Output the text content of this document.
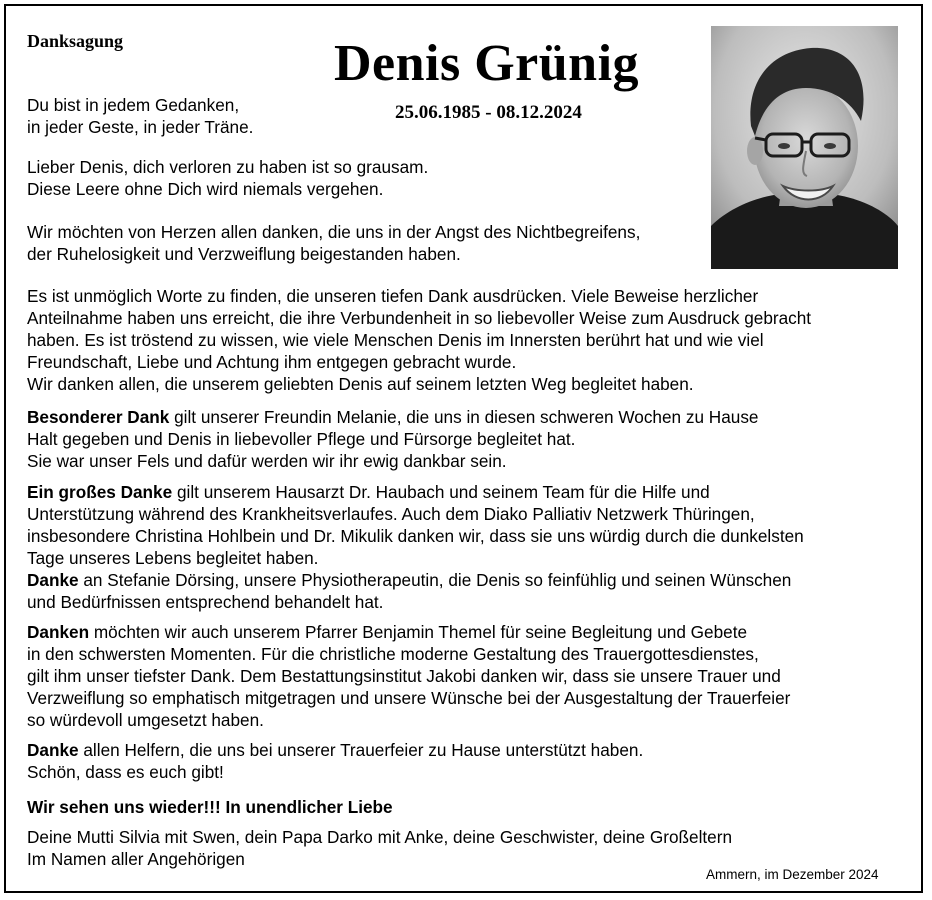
Danksagung	Denis Grünig
25.06.1985 - 08.12.2024
Du bist in jedem Gedanken,
in jeder Geste, in jeder Träne.
Lieber Denis, dich verloren zu haben ist so grausam.
Diese Leere ohne Dich wird niemals vergehen.
Wir möchten von Herzen allen danken, die uns in der Angst des Nichtbegreifens,
der Ruhelosigkeit und Verzweiflung beigestanden haben.
Es ist unmöglich Worte zu finden, die unseren tiefen Dank ausdrücken. Viele Beweise herzlicher
Anteilnahme haben uns erreicht, die ihre Verbundenheit in so liebevoller Weise zum Ausdruck gebracht
haben. Es ist tröstend zu wissen, wie viele Menschen Denis im Innersten berührt hat und wie viel
Freundschaft, Liebe und Achtung ihm entgegen gebracht wurde.
Wir danken allen, die unserem geliebten Denis auf seinem letzten Weg begleitet haben.
Besonderer Dank gilt unserer Freundin Melanie, die uns in diesen schweren Wochen zu Hause
Halt gegeben und Denis in liebevoller Pflege und Fürsorge begleitet hat.
Sie war unser Fels und dafür werden wir ihr ewig dankbar sein.
Ein großes Danke gilt unserem Hausarzt Dr. Haubach und seinem Team für die Hilfe und
Unterstützung während des Krankheitsverlaufes. Auch dem Diako Palliativ Netzwerk Thüringen,
insbesondere Christina Hohlbein und Dr. Mikulik danken wir, dass sie uns würdig durch die dunkelsten
Tage unseres Lebens begleitet haben.
Danke an Stefanie Dörsing, unsere Physiotherapeutin, die Denis so feinfühlig und seinen Wünschen
und Bedürfnissen entsprechend behandelt hat.
Danken möchten wir auch unserem Pfarrer Benjamin Themel für seine Begleitung und Gebete
in den schwersten Momenten. Für die christliche moderne Gestaltung des Trauergottesdienstes,
gilt ihm unser tiefster Dank. Dem Bestattungsinstitut Jakobi danken wir, dass sie unsere Trauer und
Verzweiflung so emphatisch mitgetragen und unsere Wünsche bei der Ausgestaltung der Trauerfeier
so würdevoll umgesetzt haben.
Danke allen Helfern, die uns bei unserer Trauerfeier zu Hause unterstützt haben.
Schön, dass es euch gibt!
Wir sehen uns wieder!!! In unendlicher Liebe
Deine Mutti Silvia mit Swen, dein Papa Darko mit Anke, deine Geschwister, deine Großeltern
Im Namen aller Angehörigen
Ammern, im Dezember 2024
